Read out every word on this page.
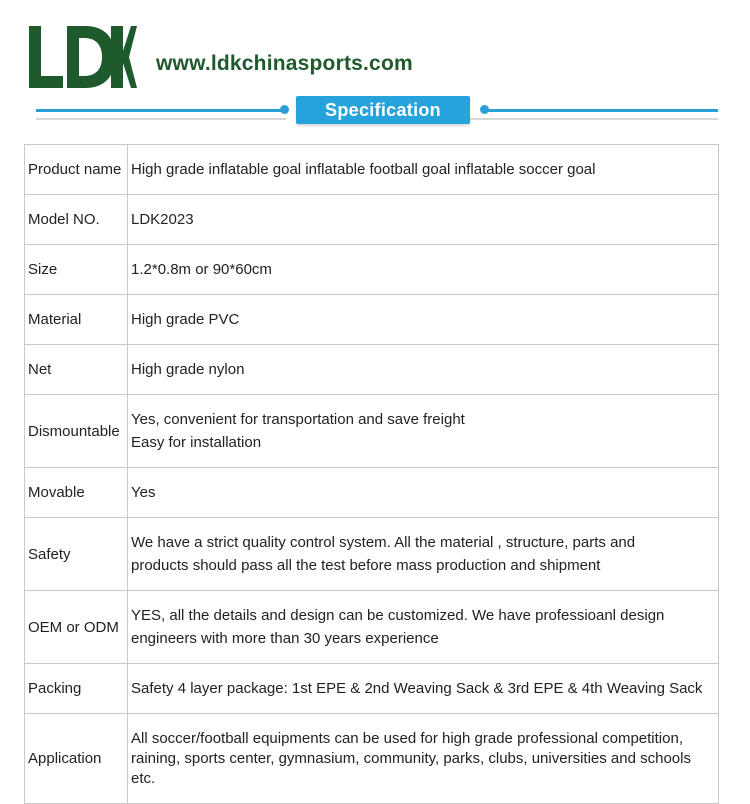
www.ldkchinasports.com
Specification
Product name	High grade inflatable goal inflatable football goal inflatable soccer goal

Model NO.	LDK2023

Size	1.2*0.8m or 90*60cm

Material	High grade PVC

Net	High grade nylon

Dismountable	Yes, convenient for transportation and save freight
Easy for installation

Movable	Yes

Safety	We have a strict quality control system. All the material , structure, parts and
products should pass all the test before mass production and shipment

OEM or ODM	YES, all the details and design can be customized. We have professioanl design
engineers with more than 30 years experience

Packing	Safety 4 layer package: 1st EPE & 2nd Weaving Sack & 3rd EPE & 4th Weaving Sack

Application	All soccer/football equipments can be used for high grade professional competition,
raining, sports center, gymnasium, community, parks, clubs, universities and schools
etc.
